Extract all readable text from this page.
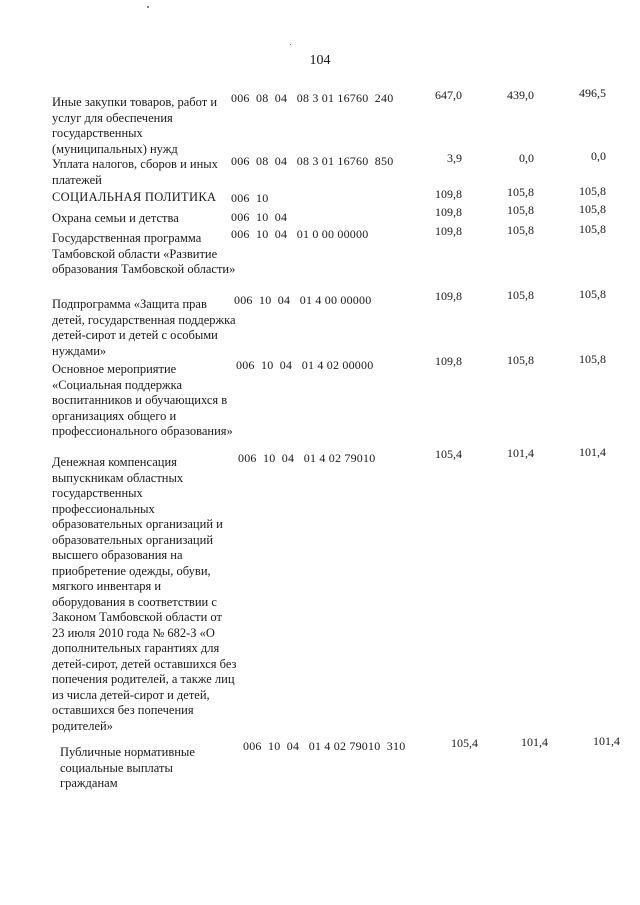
104
Иные закупки товаров, работ и услуг для обеспечения государственных (муниципальных) нужд
006  08  04   08 3 01 16760  240	647,0	439,0	496,5
Уплата налогов, сборов и иных платежей
006  08  04   08 3 01 16760  850	3,9	0,0	0,0
СОЦИАЛЬНАЯ ПОЛИТИКА	006  10	109,8	105,8	105,8
Охрана семьи и детства	006  10  04	109,8	105,8	105,8
Государственная программа Тамбовской области «Развитие образования Тамбовской области»
006  10  04   01 0 00 00000	109,8	105,8	105,8
Подпрограмма «Защита прав детей, государственная поддержка детей-сирот и детей с особыми нуждами»
006  10  04   01 4 00 00000	109,8	105,8	105,8
Основное мероприятие «Социальная поддержка воспитанников и обучающихся в организациях общего и профессионального образования»
006  10  04   01 4 02 00000	109,8	105,8	105,8
Денежная компенсация выпускникам областных государственных профессиональных образовательных организаций и образовательных организаций высшего образования на приобретение одежды, обуви, мягкого инвентаря и оборудования в соответствии с Законом Тамбовской области от 23 июля 2010 года № 682-З «О дополнительных гарантиях для детей-сирот, детей оставшихся без попечения родителей, а также лиц из числа детей-сирот и детей, оставшихся без попечения родителей»
006  10  04   01 4 02 79010	105,4	101,4	101,4
Публичные нормативные социальные выплаты гражданам
006  10  04   01 4 02 79010  310	105,4	101,4	101,4
